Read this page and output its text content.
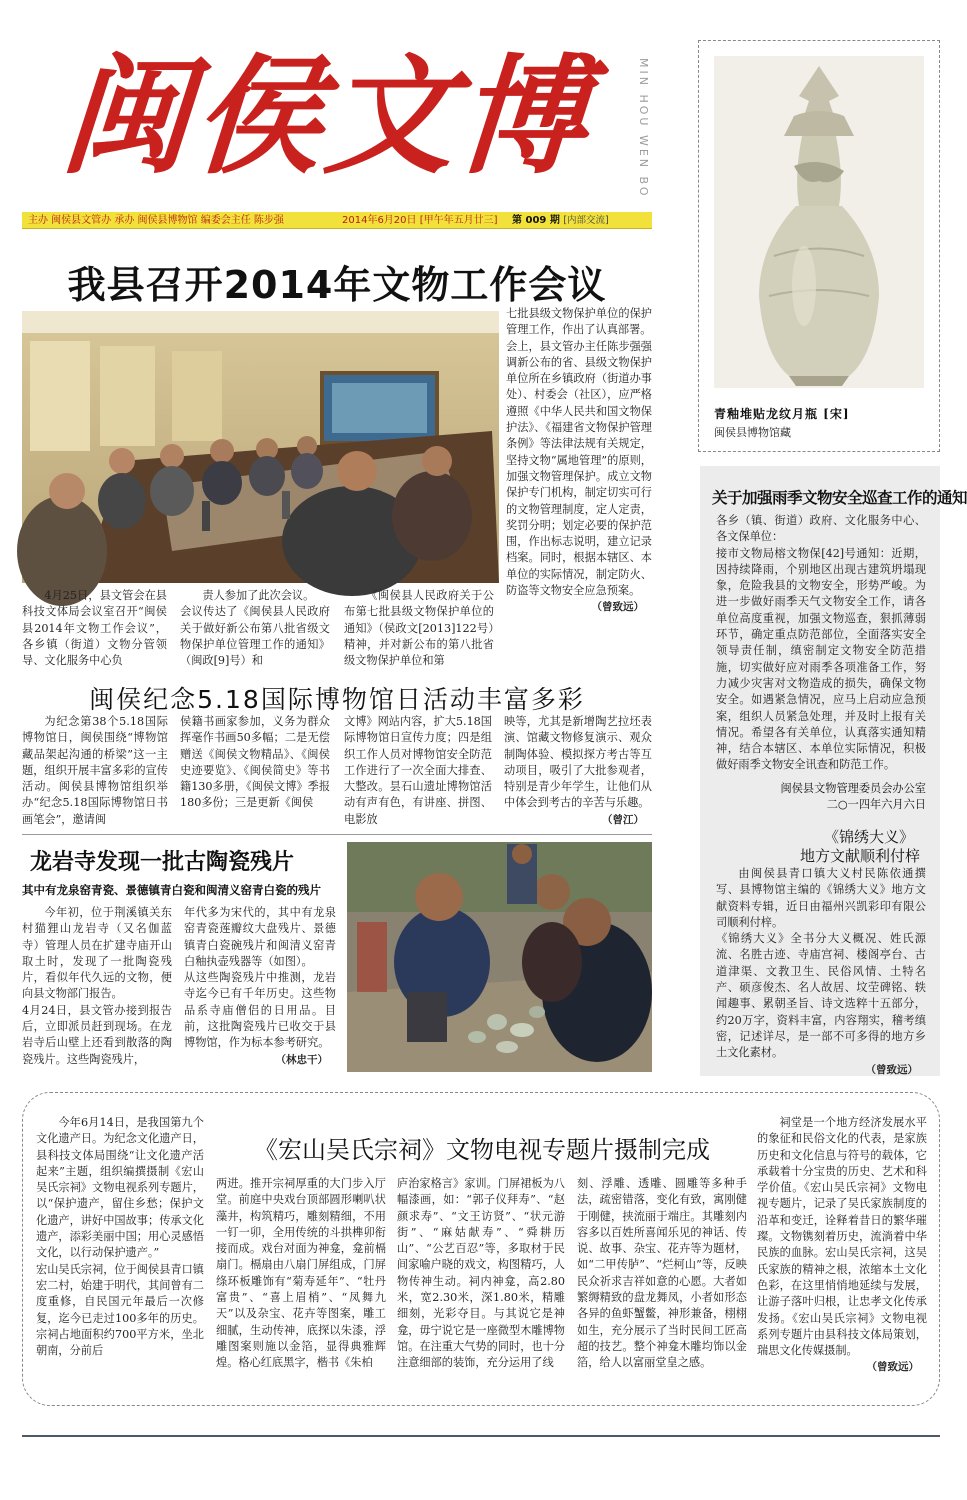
闽侯文博	MIN HOU WEN BO
主办 闽侯县文管办 承办 闽侯县博物馆 编委会主任 陈步强	2014年6月20日 [甲午年五月廿三] 第 009 期 [内部交流]
我县召开2014年文物工作会议

4月25日，县文管会在县科技文体局会议室召开“闽侯县2014年文物工作会议”，各乡镇（街道）文物分管领导、文化服务中心负

责人参加了此次会议。
会议传达了《闽侯县人民政府关于做好新公布第八批省级文物保护单位管理工作的通知》（闽政[9]号）和

《闽侯县人民政府关于公布第七批县级文物保护单位的通知》（侯政文[2013]122号）精神，并对新公布的第八批省级文物保护单位和第

七批县级文物保护单位的保护管理工作，作出了认真部署。
会上，县文管办主任陈步强强调新公布的省、县级文物保护单位所在乡镇政府（街道办事处）、村委会（社区），应严格遵照《中华人民共和国文物保护法》、《福建省文物保护管理条例》等法律法规有关规定，坚持文物“属地管理”的原则，加强文物管理保护。成立文物保护专门机构，制定切实可行的文物管理制度，定人定责，奖罚分明；划定必要的保护范围，作出标志说明，建立记录档案。同时，根据本辖区、本单位的实际情况，制定防火、防盗等文物安全应急预案。

（曾致远）
闽侯纪念5.18国际博物馆日活动丰富多彩

为纪念第38个5.18国际博物馆日，闽侯围绕“博物馆藏品架起沟通的桥梁”这一主题，组织开展丰富多彩的宣传活动。闽侯县博物馆组织举办“纪念5.18国际博物馆日书画笔会”，邀请闽

侯籍书画家参加，义务为群众挥毫作书画50多幅；二是无偿赠送《闽侯文物精品》、《闽侯史迹要览》、《闽侯简史》等书籍130多册，《闽侯文博》季报180多份；三是更新《闽侯

文博》网站内容，扩大5.18国际博物馆日宣传力度；四是组织工作人员对博物馆安全防范工作进行了一次全面大排查、大整改。昙石山遗址博物馆活动有声有色，有讲座、拼图、电影放

映等，尤其是新增陶艺拉坯表演、馆藏文物修复演示、观众制陶体验、模拟探方考古等互动项目，吸引了大批参观者，特别是青少年学生，让他们从中体会到考古的辛苦与乐趣。

（曾江）
龙岩寺发现一批古陶瓷残片
其中有龙泉窑青瓷、景德镇青白瓷和闽清义窑青白瓷的残片

今年初，位于荆溪镇关东村猫狸山龙岩寺（又名伽蓝寺）管理人员在扩建寺庙开山取土时，发现了一批陶瓷残片，看似年代久远的文物，便向县文物部门报告。
4月24日，县文管办接到报告后，立即派员赶到现场。在龙岩寺后山壁上还看到散落的陶瓷残片。这些陶瓷残片，

年代多为宋代的，其中有龙泉窑青瓷莲瓣纹大盘残片、景德镇青白瓷碗残片和闽清义窑青白釉执壶残器等（如图）。
从这些陶瓷残片中推测，龙岩寺迄今已有千年历史。这些物品系寺庙僧侣的日用品。目前，这批陶瓷残片已收交于县博物馆，作为标本参考研究。

（林忠干）
青釉堆贴龙纹月瓶 [宋]
闽侯县博物馆藏
关于加强雨季文物安全巡查工作的通知

各乡（镇、街道）政府、文化服务中心、各文保单位：
接市文物局榕文物保[42]号通知：近期，因持续降雨，个别地区出现古建筑坍塌现象，危险我县的文物安全，形势严峻。为进一步做好雨季天气文物安全工作，请各单位高度重视，加强文物巡查，狠抓薄弱环节，确定重点防范部位，全面落实安全领导责任制，缜密制定文物安全防范措施，切实做好应对雨季各项准备工作，努力减少灾害对文物造成的损失，确保文物安全。如遇紧急情况，应马上启动应急预案，组织人员紧急处理，并及时上报有关情况。希望各有关单位，认真落实通知精神，结合本辖区、本单位实际情况，积极做好雨季文物安全讯查和防范工作。

闽侯县文物管理委员会办公室
二○一四年六月六日
《锦绣大义》
地方文献顺利付梓

由闽侯县青口镇大义村民陈依通撰写、县博物馆主编的《锦绣大义》地方文献资料专辑，近日由福州兴凯彩印有限公司顺利付梓。
《锦绣大义》全书分大义概况、姓氏源流、名胜古迹、寺庙宫祠、楼阁亭台、古道津渠、文教卫生、民俗风情、土特名产、硕彦俊杰、名人故居、坟茔碑铭、轶闻趣事、累朝圣旨、诗文选粹十五部分，约20万字，资料丰富，内容翔实，稽考缜密，记述详尽，是一部不可多得的地方乡土文化素材。

（曾致远）
《宏山吴氏宗祠》文物电视专题片摄制完成

今年6月14日，是我国第九个文化遗产日。为纪念文化遗产日，县科技文体局围绕“让文化遗产活起来”主题，组织编撰摄制《宏山吴氏宗祠》文物电视系列专题片，以“保护遗产，留住乡愁；保护文化遗产，讲好中国故事；传承文化遗产，添彩美丽中国；用心灵感悟文化，以行动保护遗产。”
宏山吴氏宗祠，位于闽侯县青口镇宏二村，始建于明代，其间曾有二度重修，自民国元年最后一次修复，迄今已走过100多年的历史。宗祠占地面积约700平方米，坐北朝南，分前后

两进。推开宗祠厚重的大门步入厅堂。前庭中央戏台顶部圆形喇叭状藻井，构筑精巧，雕刻精细，不用一钉一卯，全用传统的斗拱榫卯衔接而成。戏台对面为神龛，龛前槅扇门。槅扇由八扇门屏组成，门屏绦环板雕饰有“菊寿延年”、“牡丹富贵”、“喜上眉梢”、“凤舞九天”以及杂宝、花卉等图案，雕工细腻，生动传神，底探以朱漆，浮雕图案则施以金箔，显得典雅辉煌。格心红底黑字，楷书《朱柏

庐治家格言》家训。门屏裙板为八幅漆画，如：“郭子仪拜寿”、“赵颜求寿”、“文王访贤”、“状元游街”、“麻姑献寿”、“舜耕历山”、“公艺百忍”等，多取材于民间家喻户晓的戏文，构图精巧，人物传神生动。祠内神龛，高2.80米，宽2.30米，深1.80米，精雕细刻，光彩夺目。与其说它是神龛，毋宁说它是一座微型木雕博物馆。在注重大气势的同时，也十分注意细部的装饰，充分运用了线

刻、浮雕、透雕、圆雕等多种手法，疏密错落，变化有致，寓刚健于刚健，挟流丽于端庄。其雕刻内容多以百姓所喜闻乐见的神话、传说、故事、杂宝、花卉等为题材，如“二甲传胪”、“烂柯山”等，反映民众祈求吉祥如意的心愿。大者如繁缛精致的盘龙舞凤，小者如形态各异的鱼虾蟹鳖，神形兼备，栩栩如生，充分展示了当时民间工匠高超的技艺。整个神龛木雕均饰以金箔，给人以富丽堂皇之感。

祠堂是一个地方经济发展水平的象征和民俗文化的代表，是家族历史和文化信息与符号的载体，它承载着十分宝贵的历史、艺术和科学价值。《宏山吴氏宗祠》文物电视专题片，记录了吴氏家族制度的沿革和变迁，诠释着昔日的繁华璀璨。文物镌刻着历史，流淌着中华民族的血脉。宏山吴氏宗祠，这吴氏家族的精神之根，浓缩本土文化色彩，在这里悄悄地延续与发展，让游子落叶归根，让忠孝文化传承发扬。《宏山吴氏宗祠》文物电视系列专题片由县科技文体局策划，瑞思文化传媒摄制。

（曾致远）
